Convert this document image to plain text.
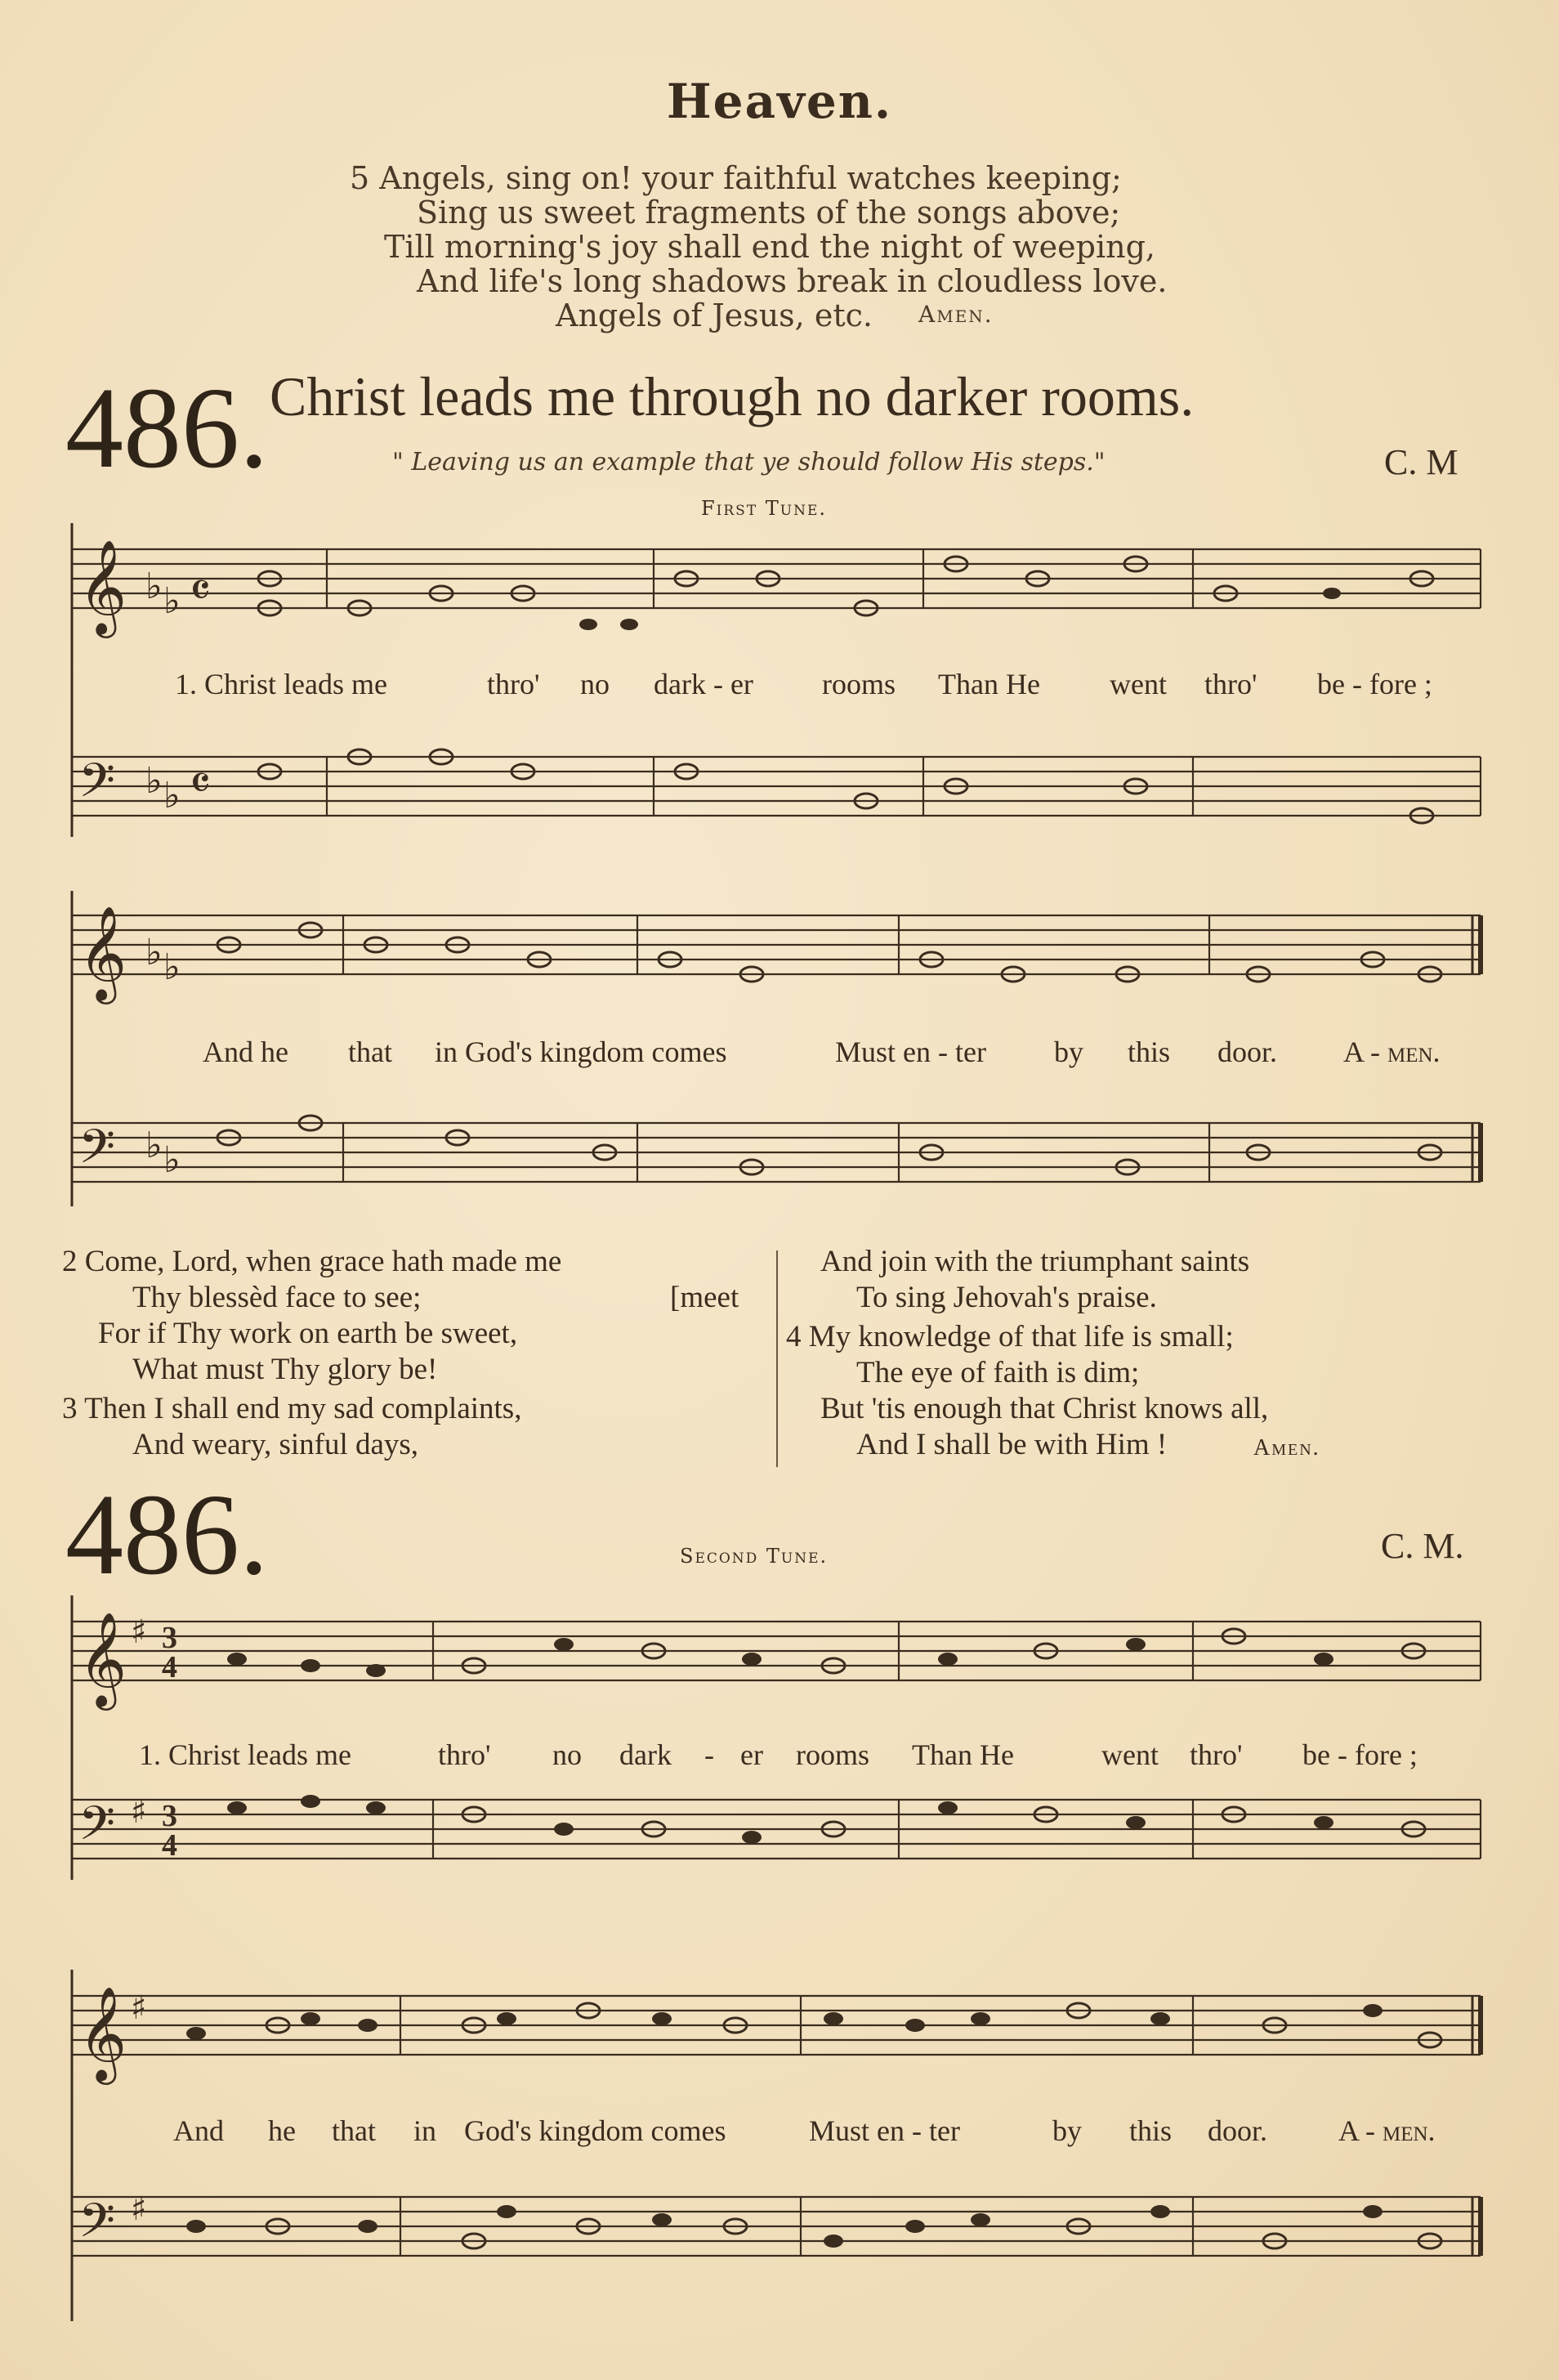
Heaven.
5 Angels, sing on! your faithful watches keeping;
Sing us sweet fragments of the songs above;
Till morning's joy shall end the night of weeping,
And life's long shadows break in cloudless love.
Angels of Jesus, etc. Amen.
486. Christ leads me through no darker rooms.
" Leaving us an example that ye should follow His steps."	C. M
First Tune.
𝄞
𝄢
𝄞
𝄢
𝄞
𝄢
𝄞
𝄢
♭ ♭
♭ ♭
♭ ♭
♭ ♭
𝄴
𝄴
♯
♯
♯
♯
3
4
3
4
1. Christ leads me	thro' no dark - er rooms Than He went thro' be - fore ;
And he that in God's kingdom comes	Must en - ter by this door. A - men.
2 Come, Lord, when grace hath made me
Thy blessèd face to see;	[meet
For if Thy work on earth be sweet,
What must Thy glory be!
3 Then I shall end my sad complaints,
And weary, sinful days,
And join with the triumphant saints
To sing Jehovah's praise.
4 My knowledge of that life is small;
The eye of faith is dim;
But 'tis enough that Christ knows all,
And I shall be with Him !	Amen.
486.	Second Tune.	C. M.
1. Christ leads me	thro' no dark - er rooms Than He	went thro' be - fore ;
And he that in God's kingdom comes	Must en - ter	by this door. A - men.
